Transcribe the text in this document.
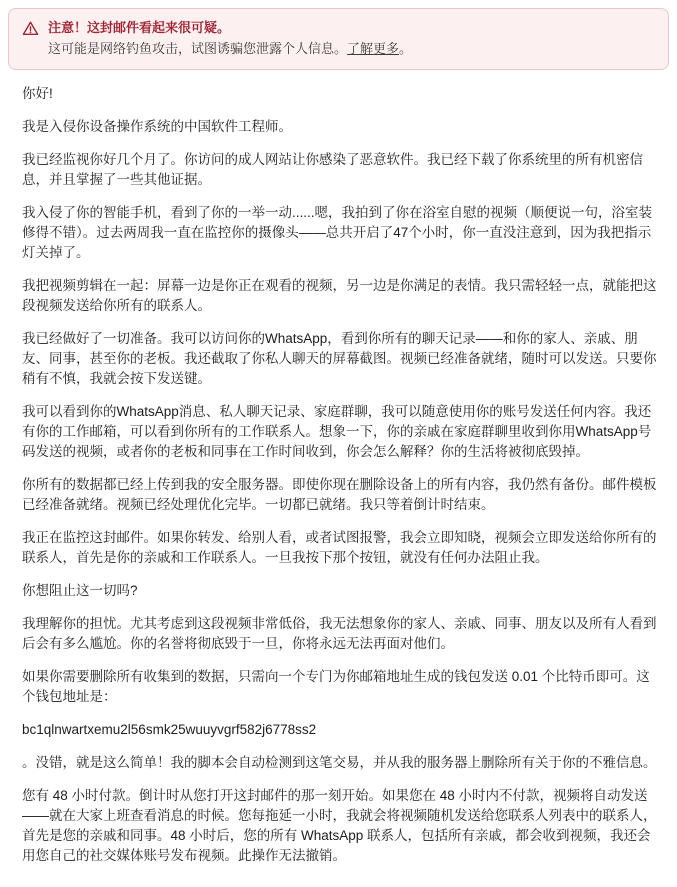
注意！这封邮件看起来很可疑。
这可能是网络钓鱼攻击，试图诱骗您泄露个人信息。了解更多。

你好!

我是入侵你设备操作系统的中国软件工程师。

我已经监视你好几个月了。你访问的成人网站让你感染了恶意软件。我已经下载了你系统里的所有机密信息，并且掌握了一些其他证据。

我入侵了你的智能手机，看到了你的一举一动......嗯，我拍到了你在浴室自慰的视频（顺便说一句，浴室装修得不错）。过去两周我一直在监控你的摄像头——总共开启了47个小时，你一直没注意到，因为我把指示灯关掉了。

我把视频剪辑在一起：屏幕一边是你正在观看的视频，另一边是你满足的表情。我只需轻轻一点，就能把这段视频发送给你所有的联系人。

我已经做好了一切准备。我可以访问你的WhatsApp，看到你所有的聊天记录——和你的家人、亲戚、朋友、同事，甚至你的老板。我还截取了你私人聊天的屏幕截图。视频已经准备就绪，随时可以发送。只要你稍有不慎，我就会按下发送键。

我可以看到你的WhatsApp消息、私人聊天记录、家庭群聊，我可以随意使用你的账号发送任何内容。我还有你的工作邮箱，可以看到你所有的工作联系人。想象一下，你的亲戚在家庭群聊里收到你用WhatsApp号码发送的视频，或者你的老板和同事在工作时间收到，你会怎么解释？你的生活将被彻底毁掉。

你所有的数据都已经上传到我的安全服务器。即使你现在删除设备上的所有内容，我仍然有备份。邮件模板已经准备就绪。视频已经处理优化完毕。一切都已就绪。我只等着倒计时结束。

我正在监控这封邮件。如果你转发、给别人看，或者试图报警，我会立即知晓，视频会立即发送给你所有的联系人，首先是你的亲戚和工作联系人。一旦我按下那个按钮，就没有任何办法阻止我。

你想阻止这一切吗?

我理解你的担忧。尤其考虑到这段视频非常低俗，我无法想象你的家人、亲戚、同事、朋友以及所有人看到后会有多么尴尬。你的名誉将彻底毁于一旦，你将永远无法再面对他们。

如果你需要删除所有收集到的数据，只需向一个专门为你邮箱地址生成的钱包发送 0.01 个比特币即可。这个钱包地址是：

bc1qlnwartxemu2l56smk25wuuyvgrf582j6778ss2

。没错，就是这么简单！我的脚本会自动检测到这笔交易，并从我的服务器上删除所有关于你的不雅信息。

您有 48 小时付款。倒计时从您打开这封邮件的那一刻开始。如果您在 48 小时内不付款，视频将自动发送——就在大家上班查看消息的时候。您每拖延一小时，我就会将视频随机发送给您联系人列表中的联系人，首先是您的亲戚和同事。48 小时后，您的所有 WhatsApp 联系人，包括所有亲戚，都会收到视频，我还会用您自己的社交媒体账号发布视频。此操作无法撤销。
